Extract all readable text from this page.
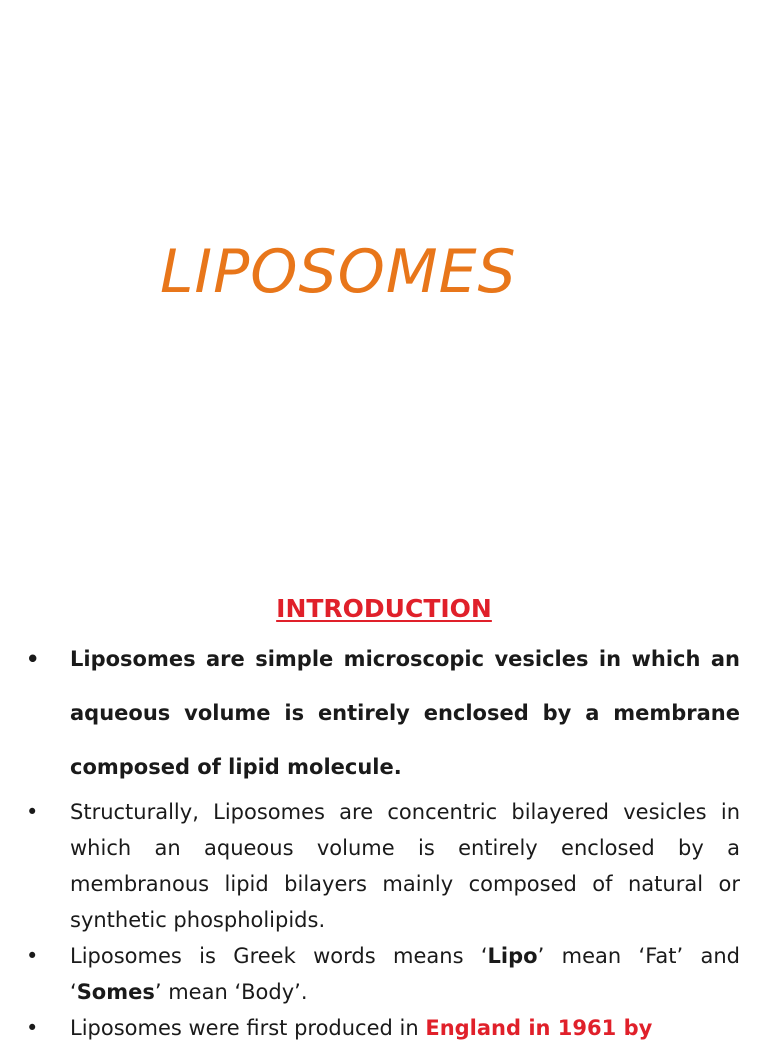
LIPOSOMES
INTRODUCTION
• Liposomes are simple microscopic vesicles in which an aqueous volume is entirely enclosed by a membrane composed of lipid molecule.
• Structurally, Liposomes are concentric bilayered vesicles in which an aqueous volume is entirely enclosed by a membranous lipid bilayers mainly composed of natural or synthetic phospholipids.
• Liposomes is Greek words means ‘Lipo’ mean ‘Fat’ and ‘Somes’ mean ‘Body’.
• Liposomes were first produced in England in 1961 by
